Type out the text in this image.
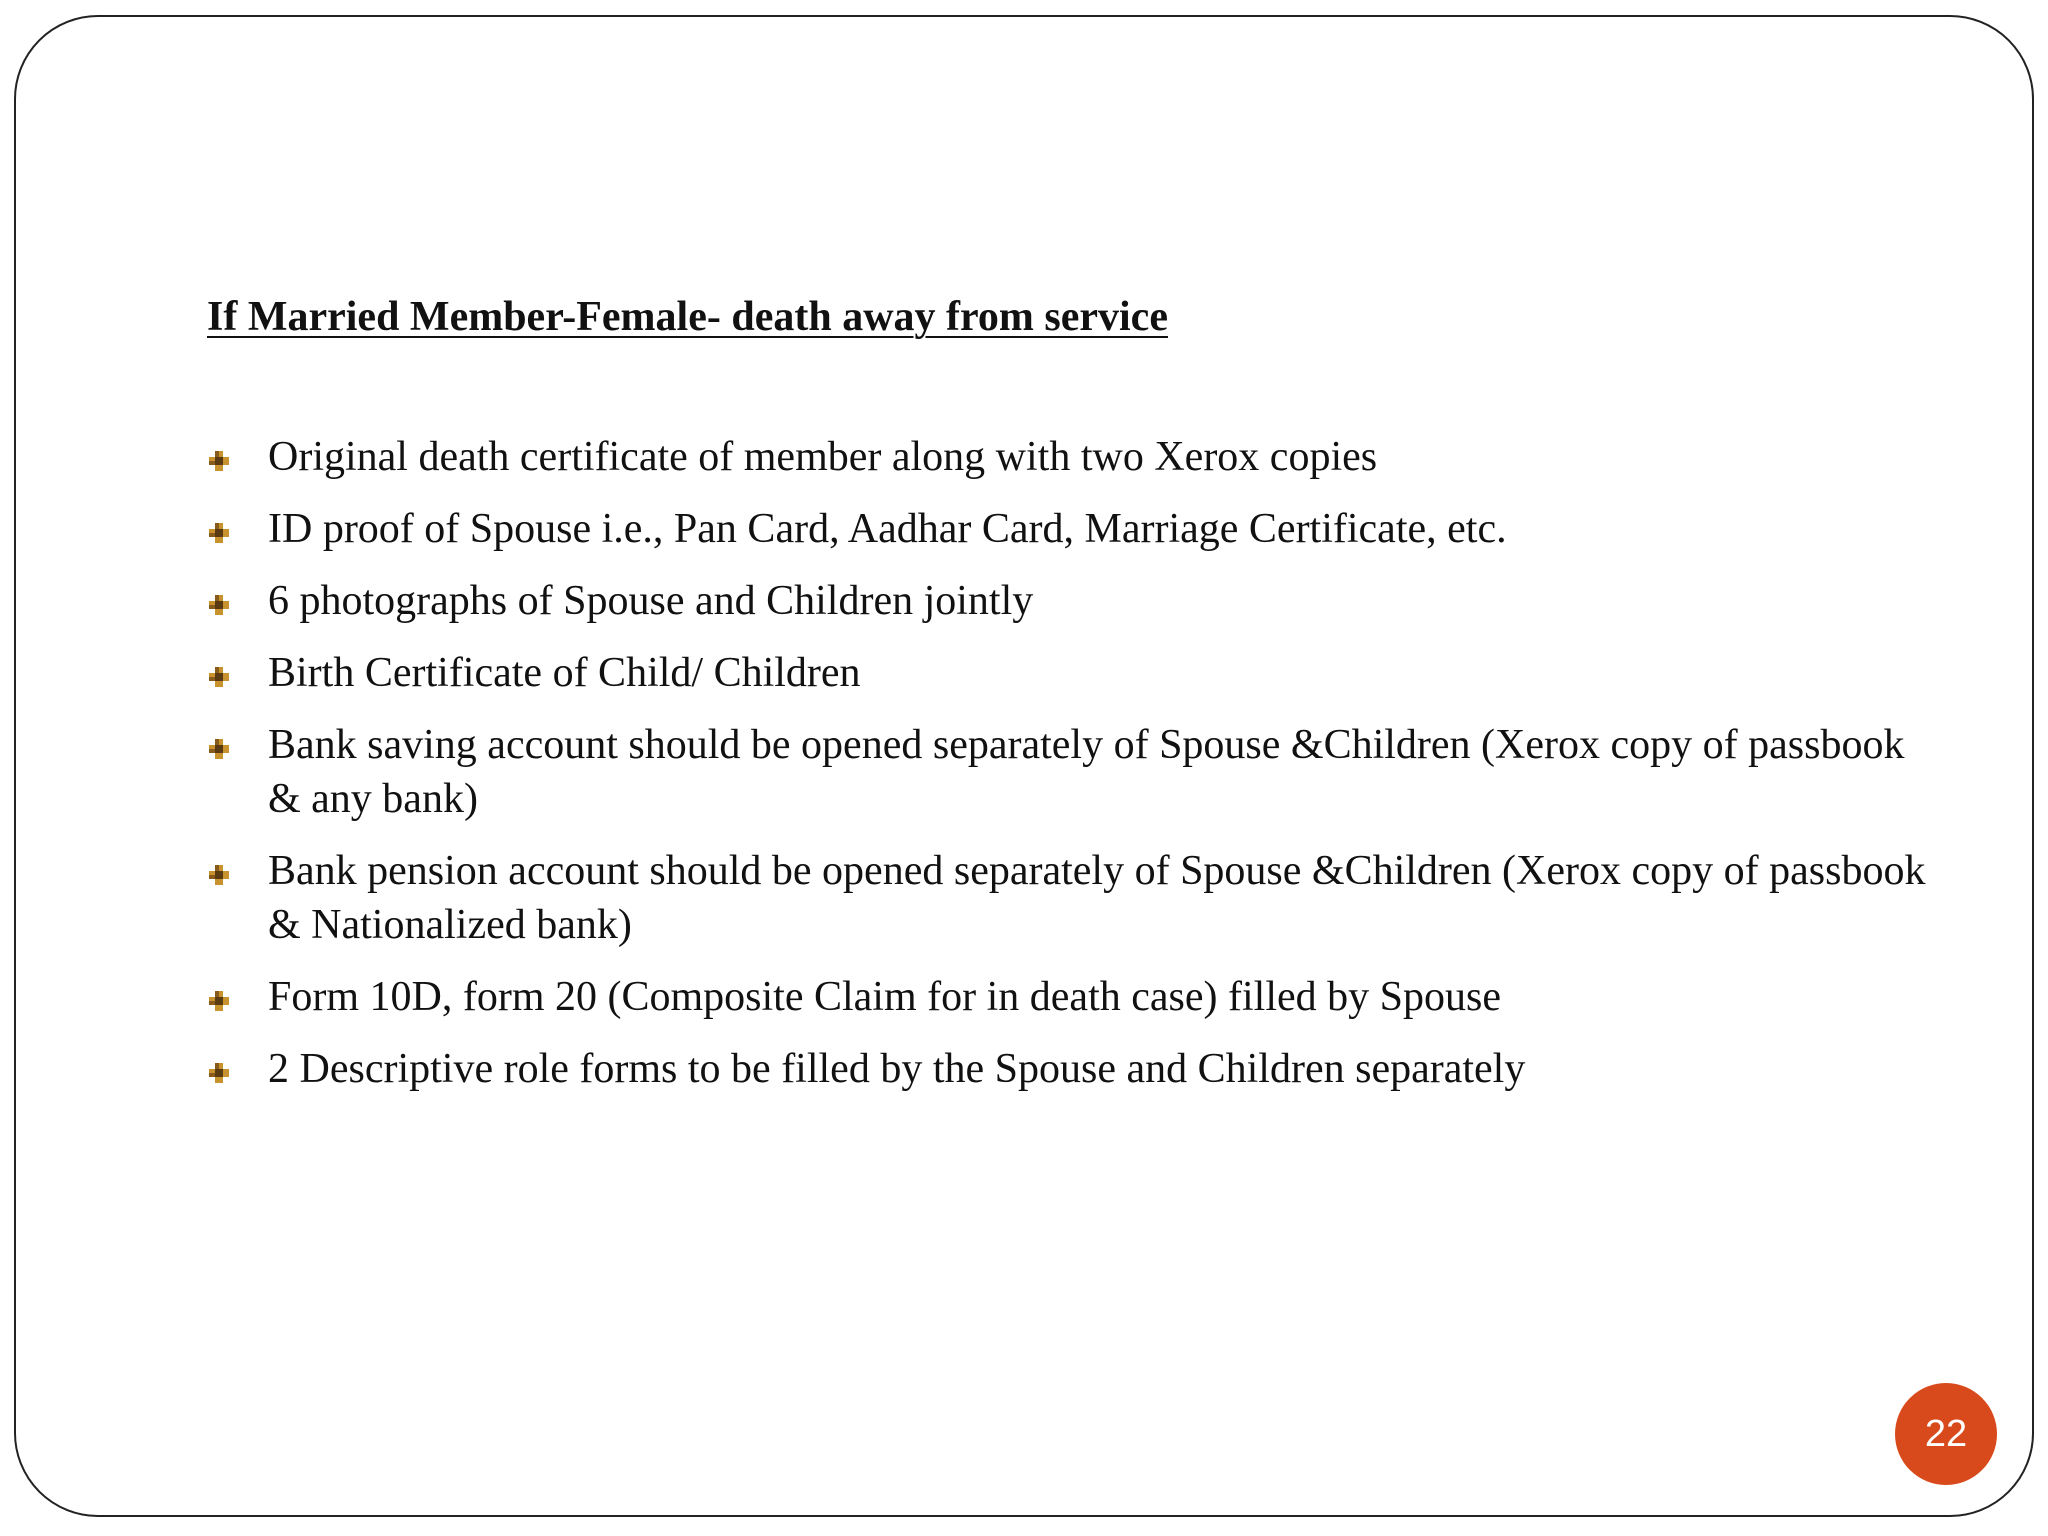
If Married Member-Female- death away from service
Original death certificate of member along with two Xerox copies
ID proof of Spouse i.e., Pan Card, Aadhar Card, Marriage Certificate, etc.
6 photographs of Spouse and Children jointly
Birth Certificate of Child/ Children
Bank saving account should be opened separately of Spouse &Children (Xerox copy of passbook & any bank)
Bank pension account should be opened separately of Spouse &Children (Xerox copy of passbook & Nationalized bank)
Form 10D, form 20 (Composite Claim for in death case) filled by Spouse
2 Descriptive role forms to be filled by the Spouse and Children separately
22
